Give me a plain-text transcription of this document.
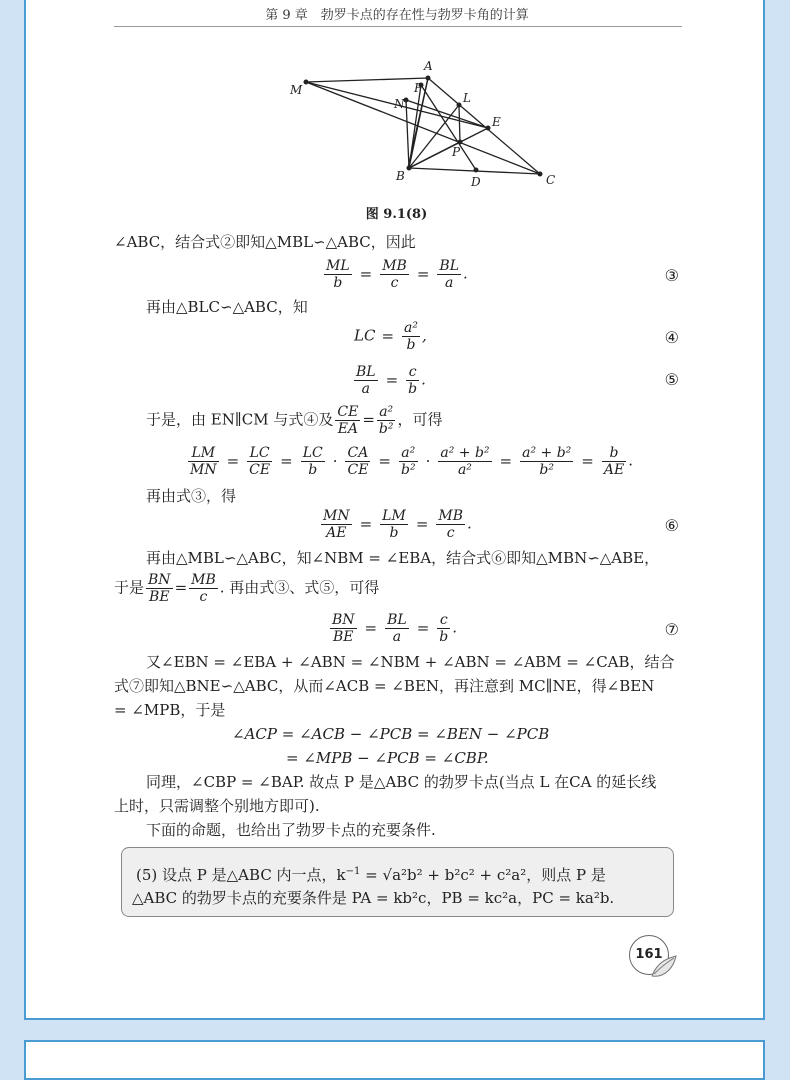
第 9 章　勃罗卡点的存在性与勃罗卡角的计算
M
A
N
F
L
E
P
B	D	C
图 9.1(8)
∠ABC，结合式②即知△MBL∽△ABC，因此
$\frac{ML}{b} = \frac{MB}{c} = \frac{BL}{a}$ .	③
再由△BLC∽△ABC，知
LC = $\frac{\text{a²}}{b}$ ,	④
$\frac{BL}{a} = \frac{c}{b}$ .	⑤
于是，由 EN∥CM 与式④及 $\frac{CE}{EA} = \frac{\text{a²}}{\text{b²}}$ ，可得
$\frac{LM}{MN} = \frac{LC}{CE} = \frac{LC}{b} \cdot \frac{CA}{CE} = \frac{\text{a²}}{\text{b²}} \cdot \frac{\text{a² + b²}}{\text{a²}} = \frac{\text{a² + b²}}{\text{b²}} = \frac{b}{AE}$ .
再由式③，得
$\frac{MN}{AE} = \frac{LM}{b} = \frac{MB}{c}$ .	⑥
再由△MBL∽△ABC，知∠NBM = ∠EBA，结合式⑥即知△MBN∽△ABE，
于是 $\frac{BN}{BE} = \frac{MB}{c}$ . 再由式③、式⑤，可得
$\frac{BN}{BE} = \frac{BL}{a} = \frac{c}{b}$ .	⑦
又∠EBN = ∠EBA + ∠ABN = ∠NBM + ∠ABN = ∠ABM = ∠CAB，结合
式⑦即知△BNE∽△ABC，从而∠ACB = ∠BEN，再注意到 MC∥NE，得∠BEN
= ∠MPB，于是
∠ACP = ∠ACB − ∠PCB = ∠BEN − ∠PCB
= ∠MPB − ∠PCB = ∠CBP.
同理，∠CBP = ∠BAP. 故点 P 是△ABC 的勃罗卡点(当点 L 在CA 的延长线
上时，只需调整个别地方即可).
下面的命题，也给出了勃罗卡点的充要条件.
(5) 设点 P 是△ABC 内一点，$k^{-1} = √a^2b^2 + b^2c^2 + c^2a^2$，则点 P 是
△ABC 的勃罗卡点的充要条件是 PA = kb²c，PB = kc²a，PC = ka²b.
161
